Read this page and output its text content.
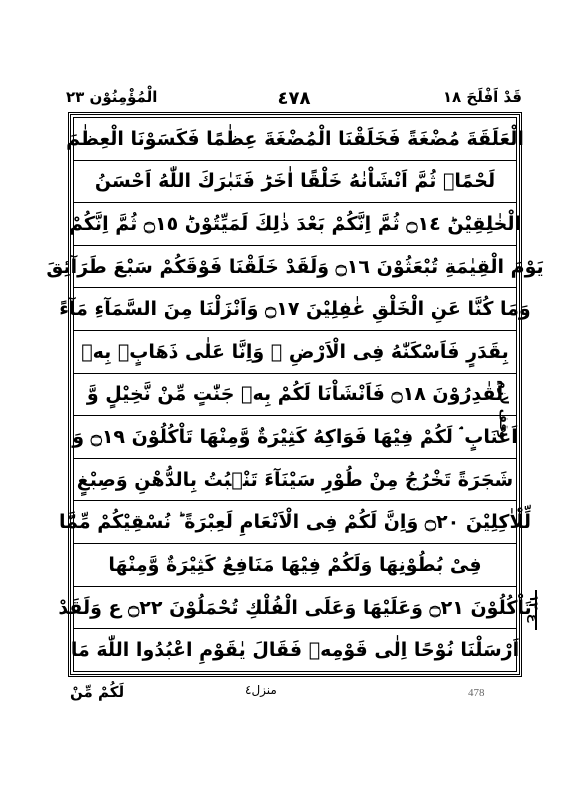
قَدْ اَفْلَحَ ١٨
٤٧٨
الْمُؤْمِنُوْن ٢٣
الْعَلَقَةَ مُضْغَةً فَخَلَقْنَا الْمُضْغَةَ عِظٰمًا فَكَسَوْنَا الْعِظٰمَ
لَحْمًاۗ ثُمَّ اَنْشَاْنٰهُ خَلْقًا اٰخَرَؕ فَتَبٰرَكَ اللّٰهُ اَحْسَنُ
الْخٰلِقِيْنَؕ ۝١٤ ثُمَّ اِنَّكُمْ بَعْدَ ذٰلِكَ لَمَيِّتُوْنَؕ ۝١٥ ثُمَّ اِنَّكُمْ
يَوْمَ الْقِيٰمَةِ تُبْعَثُوْنَ ۝١٦ وَلَقَدْ خَلَقْنَا فَوْقَكُمْ سَبْعَ طَرَآئِقَ
وَمَا كُنَّا عَنِ الْخَلْقِ غٰفِلِيْنَ ۝١٧ وَاَنْزَلْنَا مِنَ السَّمَآءِ مَآءً
بِقَدَرٍ فَاَسْكَنّٰهُ فِى الْاَرْضِ ۖ وَاِنَّا عَلٰى ذَهَابٍۭ بِهٖ
لَقٰدِرُوْنَ ۝١٨ فَاَنْشَاْنَا لَكُمْ بِهٖ جَنّٰتٍ مِّنْ نَّخِيْلٍ وَّ
اَعْنَابٍ ۘ لَكُمْ فِيْهَا فَوَاكِهُ كَثِيْرَةٌ وَّمِنْهَا تَاْكُلُوْنَ ۝١٩ وَ
شَجَرَةً تَخْرُجُ مِنْ طُوْرِ سَيْنَآءَ تَنْۢبُتُ بِالدُّهْنِ وَصِبْغٍ
لِّلْاٰكِلِيْنَ ۝٢٠ وَاِنَّ لَكُمْ فِى الْاَنْعَامِ لَعِبْرَةً ؕ نُسْقِيْكُمْ مِّمَّا
فِىْ بُطُوْنِهَا وَلَكُمْ فِيْهَا مَنَافِعُ كَثِيْرَةٌ وَّمِنْهَا
تَاْكُلُوْنَ ۝٢١ وَعَلَيْهَا وَعَلَى الْفُلْكِ تُحْمَلُوْنَ ۝٢٢ ع وَلَقَدْ
اَرْسَلْنَا نُوْحًا اِلٰى قَوْمِهٖ فَقَالَ يٰقَوْمِ اعْبُدُوا اللّٰهَ مَا
وقف لازم
ع ١٢
لَكُمْ مِّنْ	منزل٤	478
